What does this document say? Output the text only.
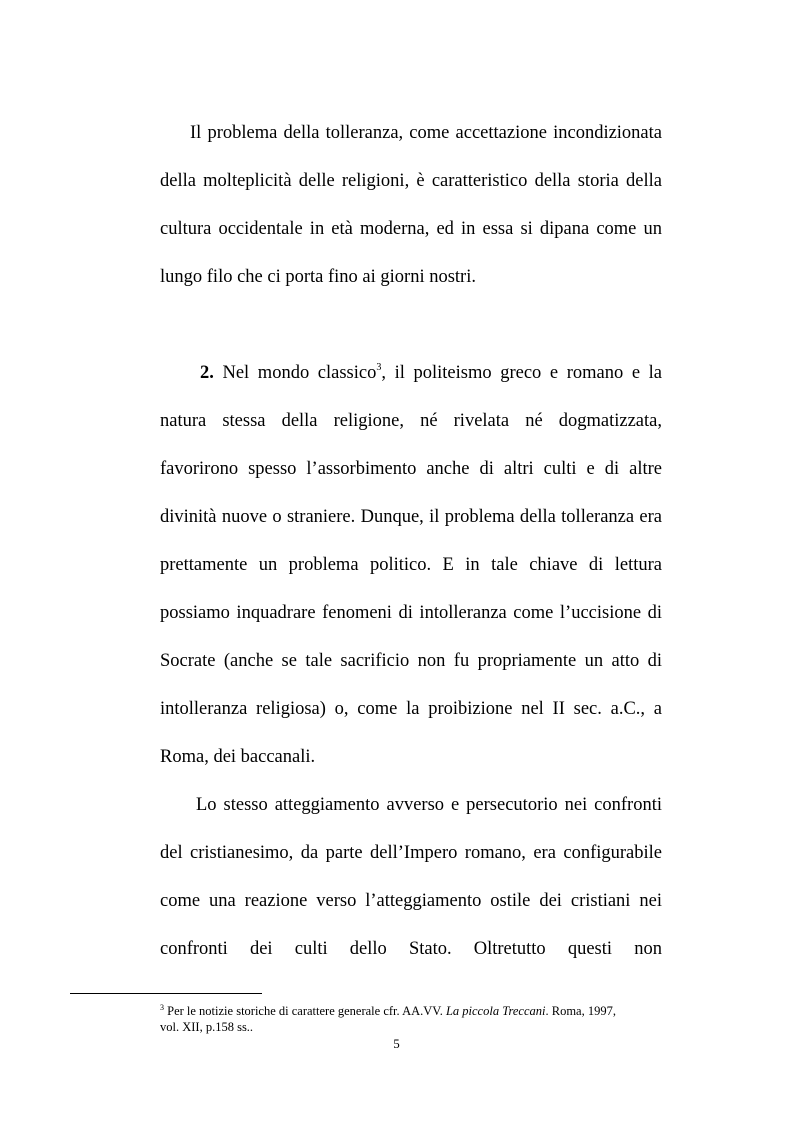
Il problema della tolleranza, come accettazione incondizionata
della molteplicità delle religioni, è caratteristico della storia della
cultura occidentale in età moderna, ed in essa si dipana come un
lungo filo che ci porta fino ai giorni nostri.
2. Nel mondo classico$^3$, il politeismo greco e romano e la
natura stessa della religione, né rivelata né dogmatizzata,
favorirono spesso l’assorbimento anche di altri culti e di altre
divinità nuove o straniere. Dunque, il problema della tolleranza era
prettamente un problema politico. E in tale chiave di lettura
possiamo inquadrare fenomeni di intolleranza come l’uccisione di
Socrate (anche se tale sacrificio non fu propriamente un atto di
intolleranza religiosa) o, come la proibizione nel II sec. a.C., a
Roma, dei baccanali.
Lo stesso atteggiamento avverso e persecutorio nei confronti
del cristianesimo, da parte dell’Impero romano, era configurabile
come una reazione verso l’atteggiamento ostile dei cristiani nei
confronti dei culti dello Stato. Oltretutto questi non
$^3$ Per le notizie storiche di carattere generale cfr. AA.VV. La piccola Treccani. Roma, 1997,
vol. XII, p.158 ss..
5
